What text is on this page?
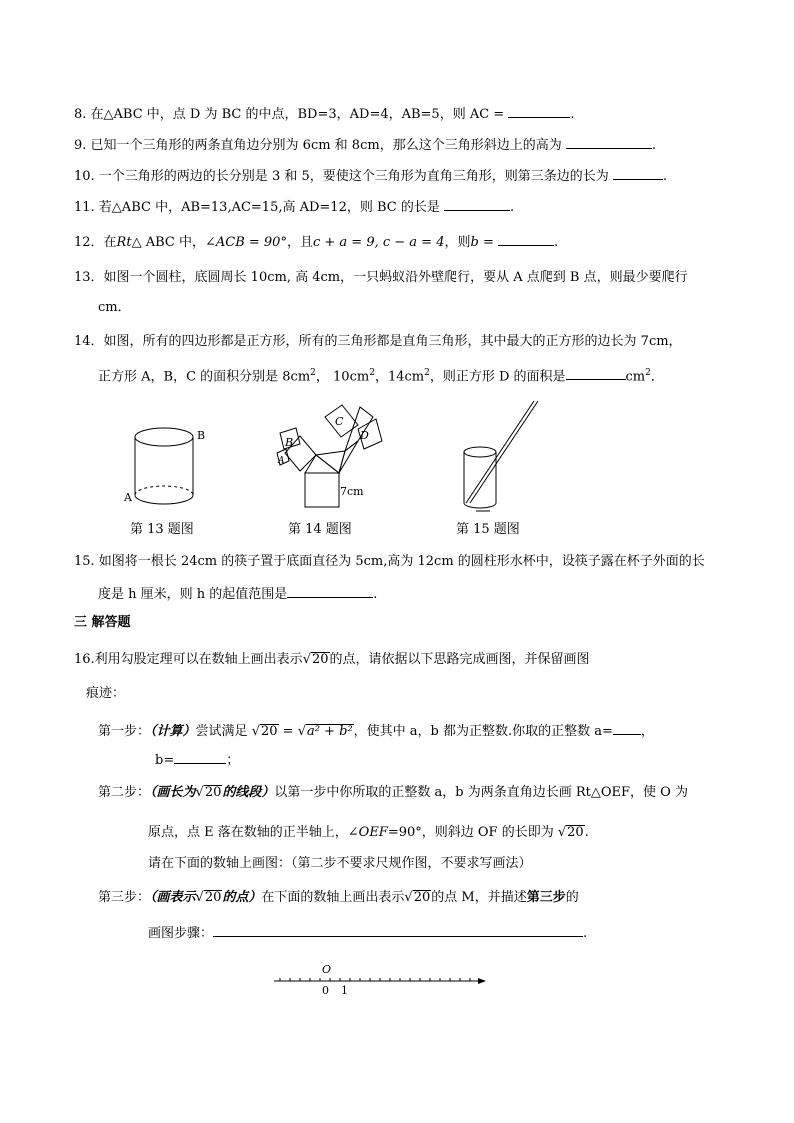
8. 在△ABC 中，点 D 为 BC 的中点，BD=3，AD=4，AB=5，则 AC =	.
9. 已知一个三角形的两条直角边分别为 6cm 和 8cm，那么这个三角形斜边上的高为	.
10. 一个三角形的两边的长分别是 3 和 5，要使这个三角形为直角三角形，则第三条边的长为	.
11. 若△ABC 中，AB=13,AC=15,高 AD=12，则 BC 的长是	.
12．在Rt△ ABC 中，∠ACB = 90°，且c + a = 9, c − a = 4，则b =	.
13．如图一个圆柱，底圆周长 10cm, 高 4cm，一只蚂蚁沿外壁爬行，要从 A 点爬到 B 点，则最少要爬行
cm．
14．如图，所有的四边形都是正方形，所有的三角形都是直角三角形，其中最大的正方形的边长为 7cm，
正方形 A，B，C 的面积分别是 $8cm^2$， $10cm^2$，$14cm^2$，则正方形 D 的面积是	$cm^2$．
B
A
第 13 题图
B
A
C
D
7cm
第 14 题图	第 15 题图
15. 如图将一根长 24cm 的筷子置于底面直径为 5cm,高为 12cm 的圆柱形水杯中，设筷子露在杯子外面的长
度是 h 厘米，则 h 的起值范围是	.
三 解答题
16.利用勾股定理可以在数轴上画出表示√20的点，请依据以下思路完成画图，并保留画图
痕迹：
第一步：（计算）尝试满足 √20 = √a² + b²，使其中 a，b 都为正整数.你取的正整数 a= ，
b=	；
第二步：（画长为√20的线段）以第一步中你所取的正整数 a，b 为两条直角边长画 Rt△OEF，使 O 为
原点，点 E 落在数轴的正半轴上，∠OEF=90°，则斜边 OF 的长即为 √20.
请在下面的数轴上画图：（第二步不要求尺规作图，不要求写画法）
第三步：（画表示√20的点）在下面的数轴上画出表示√20的点 M，并描述第三步的
画图步骤：	.
O
0 1
